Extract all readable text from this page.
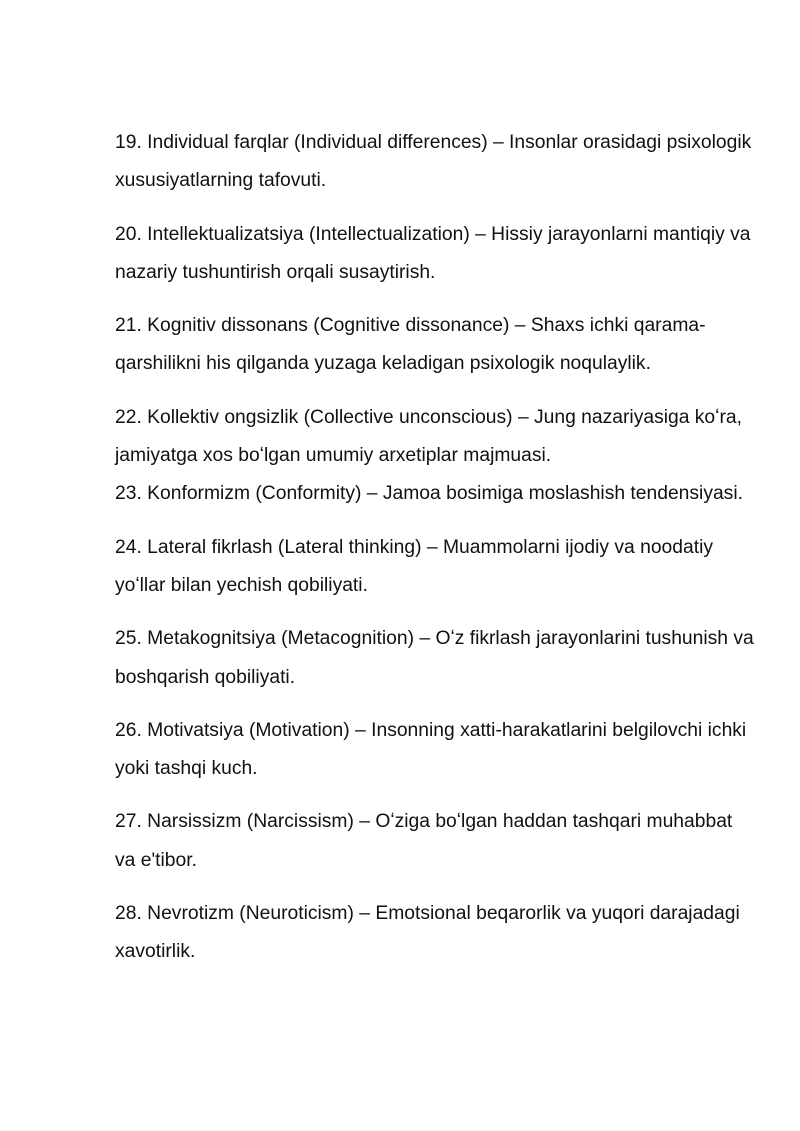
19. Individual farqlar (Individual differences) – Insonlar orasidagi psixologik xususiyatlarning tafovuti.

20. Intellektualizatsiya (Intellectualization) – Hissiy jarayonlarni mantiqiy va nazariy tushuntirish orqali susaytirish.

21. Kognitiv dissonans (Cognitive dissonance) – Shaxs ichki qarama-qarshilikni his qilganda yuzaga keladigan psixologik noqulaylik.

22. Kollektiv ongsizlik (Collective unconscious) – Jung nazariyasiga koʻra, jamiyatga xos boʻlgan umumiy arxetiplar majmuasi.

23. Konformizm (Conformity) – Jamoa bosimiga moslashish tendensiyasi.

24. Lateral fikrlash (Lateral thinking) – Muammolarni ijodiy va noodatiy yoʻllar bilan yechish qobiliyati.

25. Metakognitsiya (Metacognition) – Oʻz fikrlash jarayonlarini tushunish va boshqarish qobiliyati.

26. Motivatsiya (Motivation) – Insonning xatti-harakatlarini belgilovchi ichki yoki tashqi kuch.

27. Narsissizm (Narcissism) – Oʻziga boʻlgan haddan tashqari muhabbat va e'tibor.

28. Nevrotizm (Neuroticism) – Emotsional beqarorlik va yuqori darajadagi xavotirlik.
